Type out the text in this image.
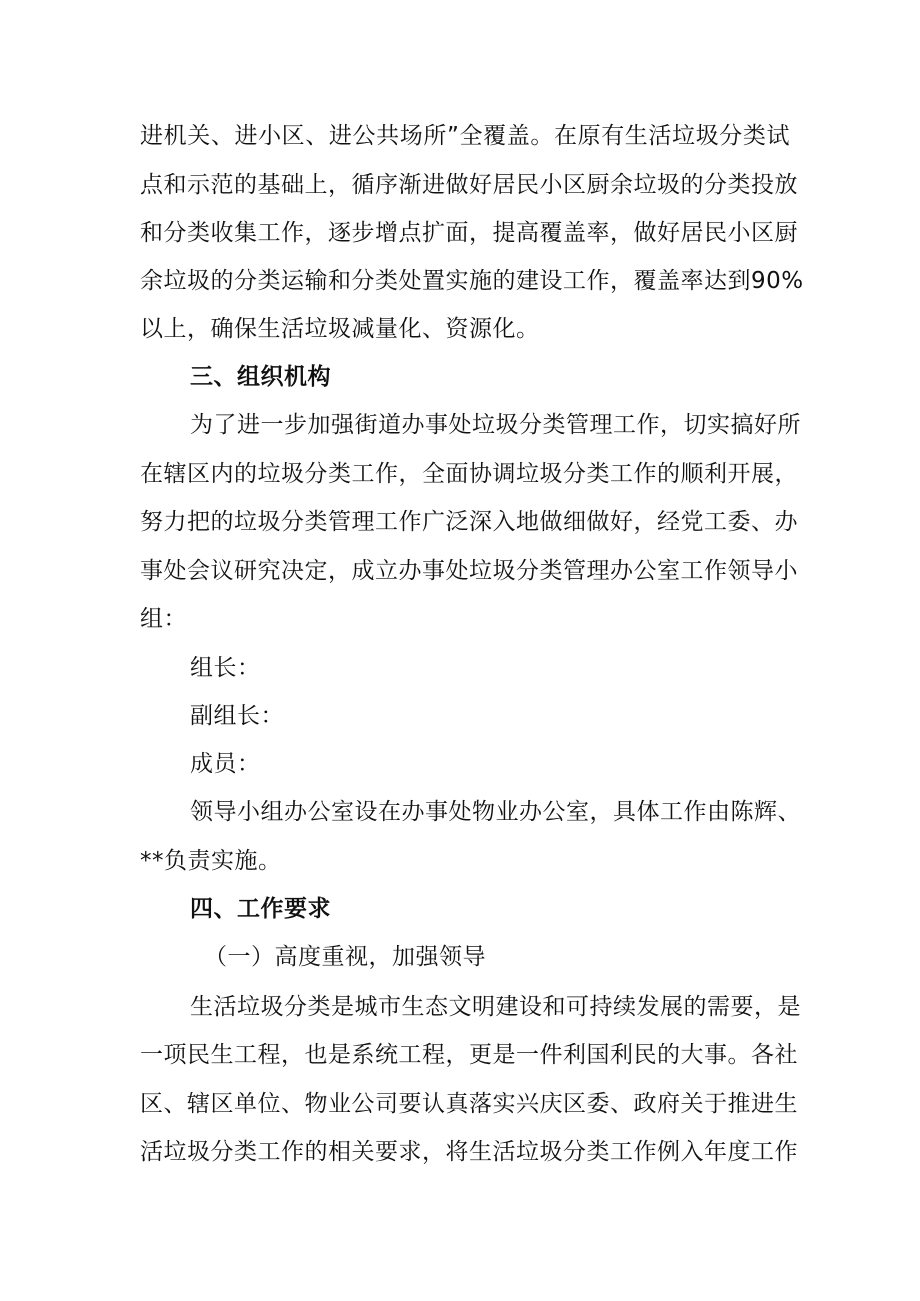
进机关、进小区、进公共场所”全覆盖。在原有生活垃圾分类试
点和示范的基础上，循序渐进做好居民小区厨余垃圾的分类投放
和分类收集工作，逐步增点扩面，提高覆盖率，做好居民小区厨
余垃圾的分类运输和分类处置实施的建设工作，覆盖率达到90%
以上，确保生活垃圾减量化、资源化。
三、组织机构
为了进一步加强街道办事处垃圾分类管理工作，切实搞好所
在辖区内的垃圾分类工作，全面协调垃圾分类工作的顺利开展，
努力把的垃圾分类管理工作广泛深入地做细做好，经党工委、办
事处会议研究决定，成立办事处垃圾分类管理办公室工作领导小
组：
组长：
副组长：
成员：
领导小组办公室设在办事处物业办公室，具体工作由陈辉、
**负责实施。
四、工作要求
（一）高度重视，加强领导
生活垃圾分类是城市生态文明建设和可持续发展的需要，是
一项民生工程，也是系统工程，更是一件利国利民的大事。各社
区、辖区单位、物业公司要认真落实兴庆区委、政府关于推进生
活垃圾分类工作的相关要求，将生活垃圾分类工作例入年度工作
